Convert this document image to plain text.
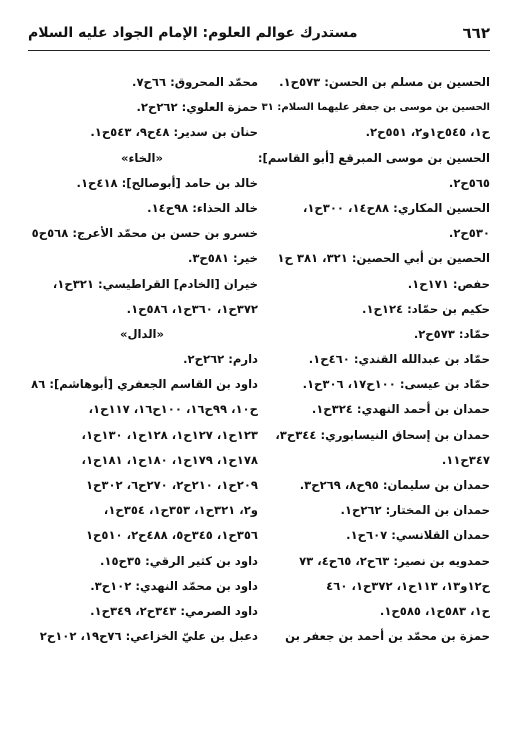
٦٦٢
مستدرك عوالم العلوم: الإمام الجواد عليه السلام
الحسين بن مسلم بن الحسن: ٥٧٣ح١.
الحسين بن موسى بن جعفر عليهما السلام: ٣١
ح١، ٥٤٥ح١و٢، ٥٥١ح٢.
الحسين بن موسى المبرقع [أبو القاسم]:
٥٦٥ح٢.
الحسين المكاري: ٨٨ح١٤، ٣٠٠ح١،
٥٣٠ح٢.
الحصين بن أبي الحصين: ٣٢١، ٣٨١ ح١
حفص: ١٧١ح١.
حكيم بن حمّاد: ١٢٤ح١.
حمّاد: ٥٧٣ح٢.
حمّاد بن عبدالله القندي: ٤٦٠ح١.
حمّاد بن عيسى: ١٠٠ح١٧، ٣٠٦ح١.
حمدان بن أحمد النهدي: ٣٢٤ح١.
حمدان بن إسحاق النيسابوري: ٣٤٤ح٣،
٣٤٧ح١١.
حمدان بن سليمان: ٩٥ح٨، ٢٦٩ح٣.
حمدان بن المختار: ٢٦٢ح١.
حمدان القلانسي: ٦٠٧ح١.
حمدويه بن نصير: ٦٣ح٢، ٦٥ح٤، ٧٣
ح١٢و١٣، ١١٣ح١، ٣٧٢ح١، ٤٦٠
ح١، ٥٨٣ح١، ٥٨٥ح١.
حمزة بن محمّد بن أحمد بن جعفر بن
محمّد المحروق: ٦٦ح٧.
حمزة العلوي: ٢٦٢ح٢.
حنان بن سدير: ٤٨ح٩، ٥٤٣ح١.
«الخاء»
خالد بن حامد [أبوصالح]: ٤١٨ح١.
خالد الحذاء: ٩٨ح١٤.
خسرو بن حسن بن محمّد الأعرج: ٥٦٨ح٥
خير: ٥٨١ح٣.
خيران [الخادم] القراطيسي: ٣٢١ح١،
٣٧٢ح١، ٣٦٠ح١، ٥٨٦ح١.
«الدال»
دارم: ٢٦٢ح٢.
داود بن القاسم الجعفري [أبوهاشم]: ٨٦
ح١٠، ٩٩ح١٦، ١٠٠ح١٦، ١١٧ح١،
١٢٣ح١، ١٢٧ح١، ١٢٨ح١، ١٣٠ح١،
١٧٨ح١، ١٧٩ح١، ١٨٠ح١، ١٨١ح١،
٢٠٩ح١، ٢١٠ح٢، ٢٧٠ح٦، ٣٠٢ح١
و٢، ٣٢١ح١، ٣٥٣ح١، ٣٥٤ح١،
٣٥٦ح١، ٣٤٥ح٥، ٤٨٨ح٢، ٥١٠ح١
داود بن كثير الرقي: ٣٥ح١٥.
داود بن محمّد النهدي: ١٠٢ح٣.
داود الصرمي: ٣٤٣ح٢، ٣٤٩ح١.
دعبل بن عليّ الخزاعي: ٧٦ح١٩، ١٠٢ح٢
